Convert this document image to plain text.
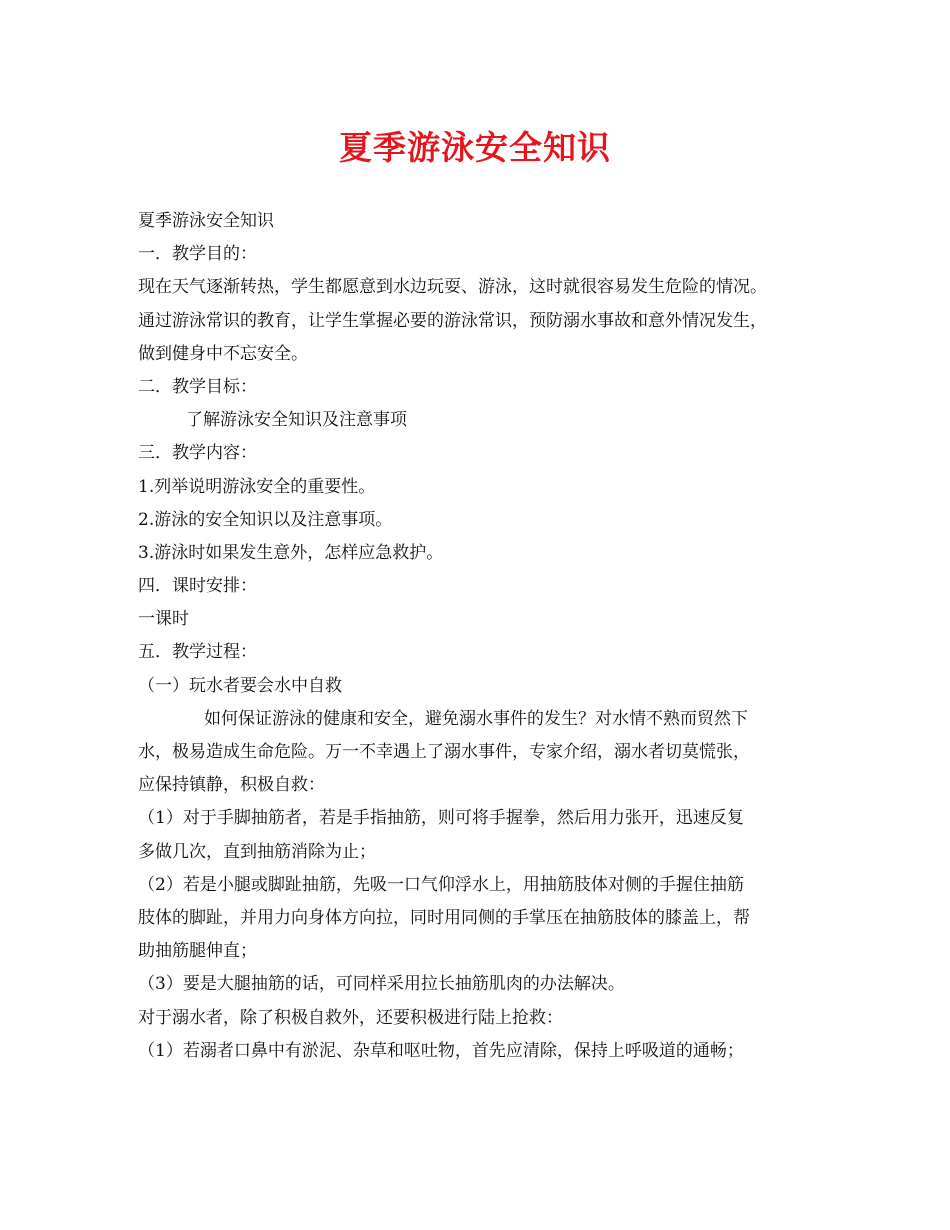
夏季游泳安全知识
夏季游泳安全知识
一．教学目的：
现在天气逐渐转热，学生都愿意到水边玩耍、游泳，这时就很容易发生危险的情况。
通过游泳常识的教育，让学生掌握必要的游泳常识，预防溺水事故和意外情况发生，
做到健身中不忘安全。
二．教学目标：
了解游泳安全知识及注意事项
三．教学内容：
1.列举说明游泳安全的重要性。
2.游泳的安全知识以及注意事项。
3.游泳时如果发生意外，怎样应急救护。
四．课时安排：
一课时
五．教学过程：
（一）玩水者要会水中自救
如何保证游泳的健康和安全，避免溺水事件的发生？对水情不熟而贸然下
水，极易造成生命危险。万一不幸遇上了溺水事件，专家介绍，溺水者切莫慌张，
应保持镇静，积极自救：
（1）对于手脚抽筋者，若是手指抽筋，则可将手握拳，然后用力张开，迅速反复
多做几次，直到抽筋消除为止；
（2）若是小腿或脚趾抽筋，先吸一口气仰浮水上，用抽筋肢体对侧的手握住抽筋
肢体的脚趾，并用力向身体方向拉，同时用同侧的手掌压在抽筋肢体的膝盖上，帮
助抽筋腿伸直；
（3）要是大腿抽筋的话，可同样采用拉长抽筋肌肉的办法解决。
对于溺水者，除了积极自救外，还要积极进行陆上抢救：
（1）若溺者口鼻中有淤泥、杂草和呕吐物，首先应清除，保持上呼吸道的通畅；
